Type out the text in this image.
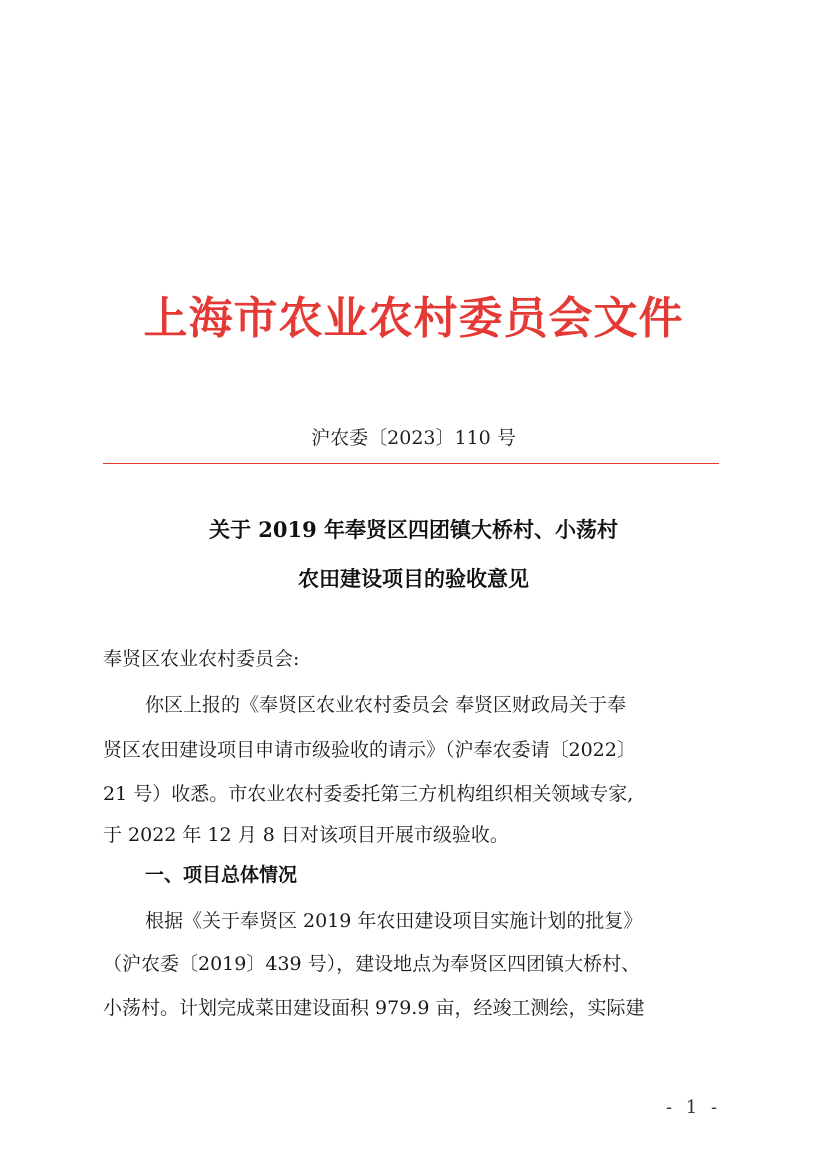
上海市农业农村委员会文件
沪农委〔2023〕110 号
关于 2019 年奉贤区四团镇大桥村、小荡村
农田建设项目的验收意见
奉贤区农业农村委员会:
你区上报的《奉贤区农业农村委员会 奉贤区财政局关于奉
贤区农田建设项目申请市级验收的请示》（沪奉农委请〔2022〕
21 号）收悉。市农业农村委委托第三方机构组织相关领域专家,
于 2022 年 12 月 8 日对该项目开展市级验收。
一、项目总体情况
根据《关于奉贤区 2019 年农田建设项目实施计划的批复》
（沪农委〔2019〕439 号），建设地点为奉贤区四团镇大桥村、
小荡村。计划完成菜田建设面积 979.9 亩，经竣工测绘，实际建
- 1 -
